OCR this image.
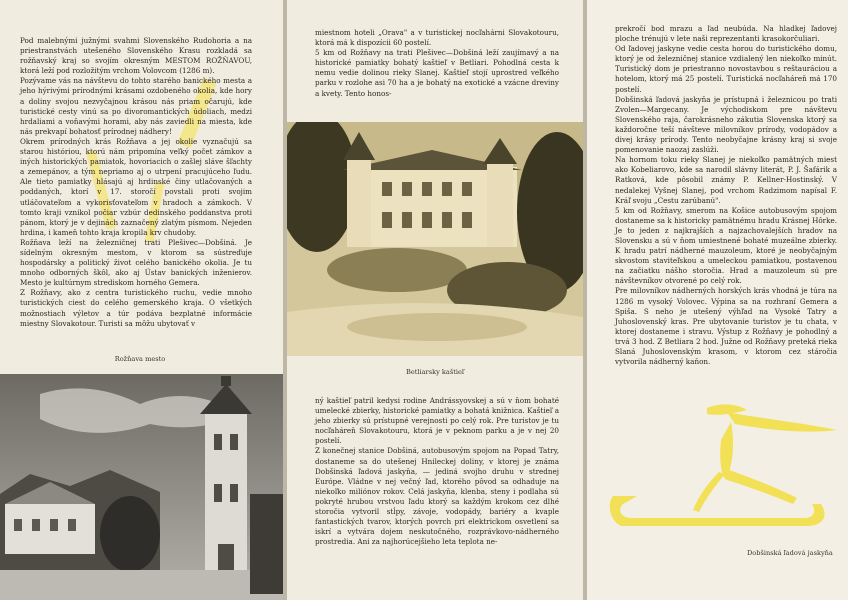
Pod malebnými južnými svahmi Slovenského Rudohoria a na priestranstvách utešeného Slovenského Krasu rozkladá sa rožňavský kraj so svojím okresným MESTOM ROŽŇAVOU, ktorá leží pod rozložitým vrchom Volovcom (1286 m).
Pozývame vás na návštevu do tohto starého banického mesta a jeho hýrivými prírodnými krásami ozdobeného okolia, kde hory a doliny svojou nezvyčajnou krásou nás priam očarujú, kde turistické cesty vinú sa po divoromantických údoliach, medzi hrdaliami a voňavými horami, aby nás zaviedli na miesta, kde nás prekvapí bohatosť prírodnej nádhery!
Okrem prírodných krás Rožňava a jej okolie vyznačujú sa starou históriou, ktorú nám pripomína veľký počet zámkov a iných historických pamiatok, hovoriacich o zašlej sláve šľachty a zemepánov, a tým nepriamo aj o utrpení pracujúceho ľudu. Ale tieto pamiatky hlásajú aj hrdinské činy utlačovaných a poddaných, ktorí v 17. storočí povstali proti svojim utláčovateľom a vykorisťovateľom v hradoch a zámkoch. V tomto kraji vznikol počiar vzbúr dedinského poddanstva proti pánom, ktorý je v dejinách zaznačený zlatým písmom. Nejeden hrdina, i kameň tohto kraja kropila krv chudoby.
Rožňava leží na železničnej trati Plešivec—Dobšiná. Je sídelným okresným mestom, v ktorom sa sústreďuje hospodársky a politický život celého banického okolia. Je tu mnoho odborných škôl, ako aj Ústav banických inženierov. Mesto je kultúrnym strediskom horného Gemera.
Z Rožňavy, ako z centra turistického ruchu, vedie mnoho turistických ciest do celého gemerského kraja. O všetkých možnostiach výletov a túr podáva bezplatné informácie miestny Slovakotour. Turisti sa môžu ubytovať v

Rožňava mesto

miestnom hoteli „Orava" a v turistickej nocľahárni Slovakotouru, ktorá má k dispozícii 60 postelí.
5 km od Rožňavy na trati Plešivec—Dobšiná leží zaujímavý a na historické pamiatky bohatý kaštieľ v Betliari. Pohodlná cesta k nemu vedie dolinou rieky Slanej. Kaštieľ stojí uprostred veľkého parku v rozlohe asi 70 ha a je bohatý na exotické a vzácne dreviny a kvety. Tento honos-

Betliarsky kaštieľ

ný kaštieľ patril kedysi rodine Andrássyovskej a sú v ňom bohaté umelecké zbierky, historické pamiatky a bohatá knižnica. Kaštieľ a jeho zbierky sú prístupné verejnosti po celý rok. Pre turistov je tu nocľaháreň Slovakotouru, ktorá je v peknom parku a je v nej 20 postelí.
Z konečnej stanice Dobšiná, autobusovým spojom na Popad Tatry, dostaneme sa do utešenej Hnileckej doliny, v ktorej je známa Dobšinská ľadová jaskyňa, — jediná svojho druhu v strednej Európe. Vládne v nej večný ľad, ktorého pôvod sa odhaduje na niekoľko miliónov rokov. Celá jaskyňa, klenba, steny i podlaha sú pokryté hrubou vrstvou ľadu ktorý sa každým krokom cez dlhé storočia vytvoril stĺpy, závoje, vodopády, bariéry a kvaple fantastických tvarov, ktorých povrch pri elektrickom osvetlení sa iskrí a vytvára dojem neskutočného, rozprávkovo-nádherného prostredia. Ani za najhorúcejšieho leta teplota ne-

prekročí bod mrazu a ľad neubúda. Na hladkej ľadovej ploche trénujú v lete naši reprezentanti krasokorčuliari.
Od ľadovej jaskyne vedie cesta horou do turistického domu, ktorý je od železničnej stanice vzdialený len niekoľko minút. Turistický dom je priestranno novostavbou s reštauráciou a hotelom, ktorý má 25 postelí. Turistická nocľaháreň má 170 postelí.
Dobšinská ľadová jaskyňa je prístupná i železnicou po trati Zvolen—Margecany. Je východiskom pre návštevu Slovenského raja, čarokrásneho zákutia Slovenska ktorý sa každoročne teší návšteve milovníkov prírody, vodopádov a divej krásy prírody. Tento neobyčajne krásny kraj si svoje pomenovanie naozaj zaslúži.
Na hornom toku rieky Slanej je niekoľko pamätných miest ako Kobeliarovo, kde sa narodil slávny literát, P. J. Šafárik a Ratková, kde pôsobil známy P. Kellner-Hostinský. V nedalekej Vyšnej Slanej, pod vrchom Radzimom napísal F. Kráľ svoju „Cestu zarúbanú".
5 km od Rožňavy, smerom na Košice autobusovým spojom dostaneme sa k historicky pamätnému hradu Krásnej Hôrke. Je to jeden z najkrajších a najzachovalejších hradov na Slovensku a sú v ňom umiestnené bohaté muzeálne zbierky. K hradu patrí nádherné mauzoleum, ktoré je neobyčajným skvostom staviteľskou a umeleckou pamiatkou, postavenou na začiatku nášho storočia. Hrad a mauzoleum sú pre návštevníkov otvorené po celý rok.
Pre milovníkov nádherných horských krás vhodná je túra na 1286 m vysoký Volovec. Výpina sa na rozhraní Gemera a Spiša. S neho je utešený výhľad na Vysoké Tatry a Juhoslovenský kras. Pre ubytovanie turistov je tu chata, v ktorej dostaneme i stravu. Výstup z Rožňavy je pohodlný a trvá 3 hod. Z Betliara 2 hod. Južne od Rožňavy preteká rieka Slaná Juhoslovenským krasom, v ktorom cez stáročia vytvorila nádherný kaňon.

Dobšinská ľadová jaskyňa
